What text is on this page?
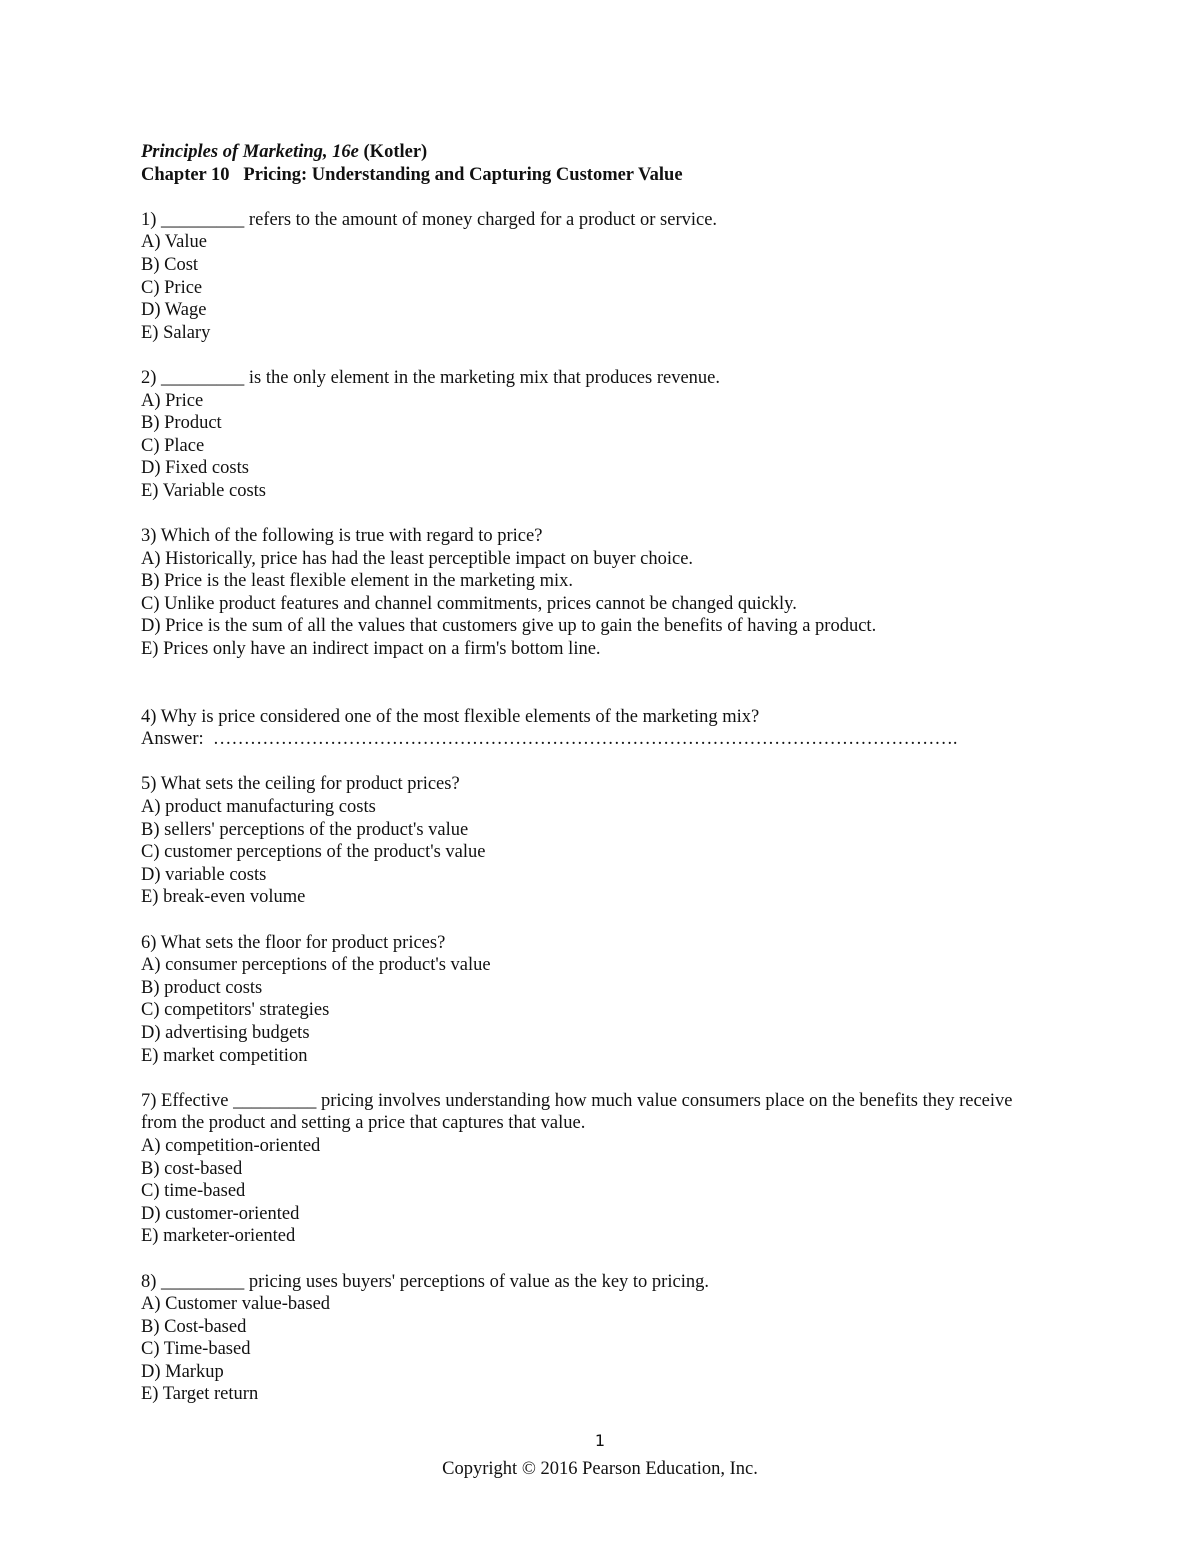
Principles of Marketing, 16e (Kotler)
Chapter 10   Pricing: Understanding and Capturing Customer Value
1) _________ refers to the amount of money charged for a product or service.
A) Value
B) Cost
C) Price
D) Wage
E) Salary
2) _________ is the only element in the marketing mix that produces revenue.
A) Price
B) Product
C) Place
D) Fixed costs
E) Variable costs
3) Which of the following is true with regard to price?
A) Historically, price has had the least perceptible impact on buyer choice.
B) Price is the least flexible element in the marketing mix.
C) Unlike product features and channel commitments, prices cannot be changed quickly.
D) Price is the sum of all the values that customers give up to gain the benefits of having a product.
E) Prices only have an indirect impact on a firm's bottom line.
4) Why is price considered one of the most flexible elements of the marketing mix?
Answer:  ………………………………………………………………………………………………………….
5) What sets the ceiling for product prices?
A) product manufacturing costs
B) sellers' perceptions of the product's value
C) customer perceptions of the product's value
D) variable costs
E) break-even volume
6) What sets the floor for product prices?
A) consumer perceptions of the product's value
B) product costs
C) competitors' strategies
D) advertising budgets
E) market competition
7) Effective _________ pricing involves understanding how much value consumers place on the benefits they receive
from the product and setting a price that captures that value.
A) competition-oriented
B) cost-based
C) time-based
D) customer-oriented
E) marketer-oriented
8) _________ pricing uses buyers' perceptions of value as the key to pricing.
A) Customer value-based
B) Cost-based
C) Time-based
D) Markup
E) Target return
1
Copyright © 2016 Pearson Education, Inc.
